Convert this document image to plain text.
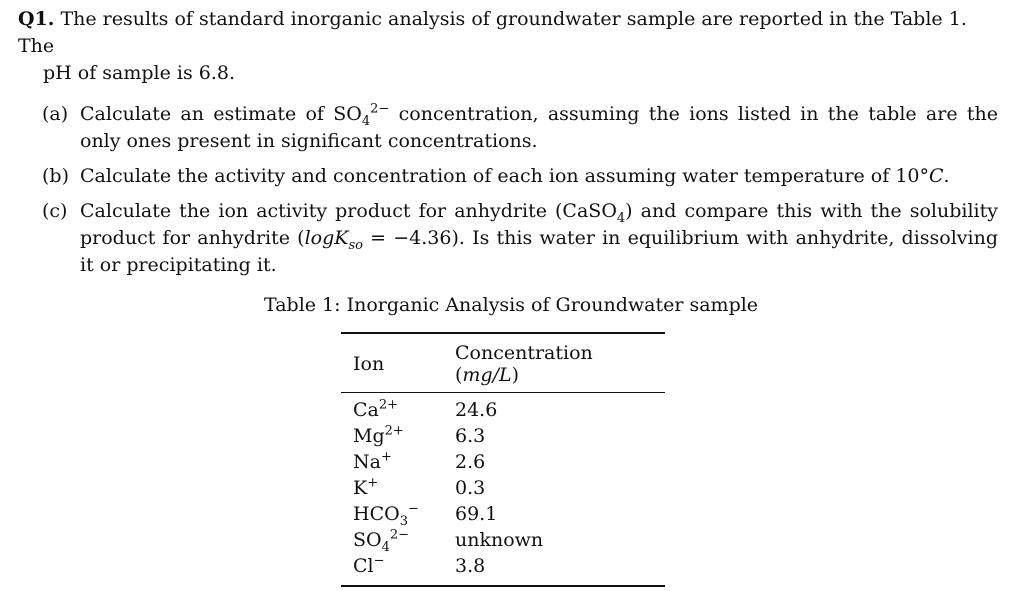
Q1. The results of standard inorganic analysis of groundwater sample are reported in the Table 1. The
pH of sample is 6.8.
(a) Calculate an estimate of $SO_4^{2-}$ concentration, assuming the ions listed in the table are the only ones present in significant concentrations.
(b) Calculate the activity and concentration of each ion assuming water temperature of 10°C.
(c) Calculate the ion activity product for anhydrite (CaSO$_4$) and compare this with the solubility product for anhydrite (logK$_{so}$ = −4.36). Is this water in equilibrium with anhydrite, dissolving it or precipitating it.
Table 1: Inorganic Analysis of Groundwater sample
Ion	Concentration (mg/L)
$Ca^{2+}$	24.6
$Mg^{2+}$	6.3
Na+	2.6
K+	0.3
$HCO_3^-$	69.1
$SO_4^{2-}$	unknown
Cl−	3.8
